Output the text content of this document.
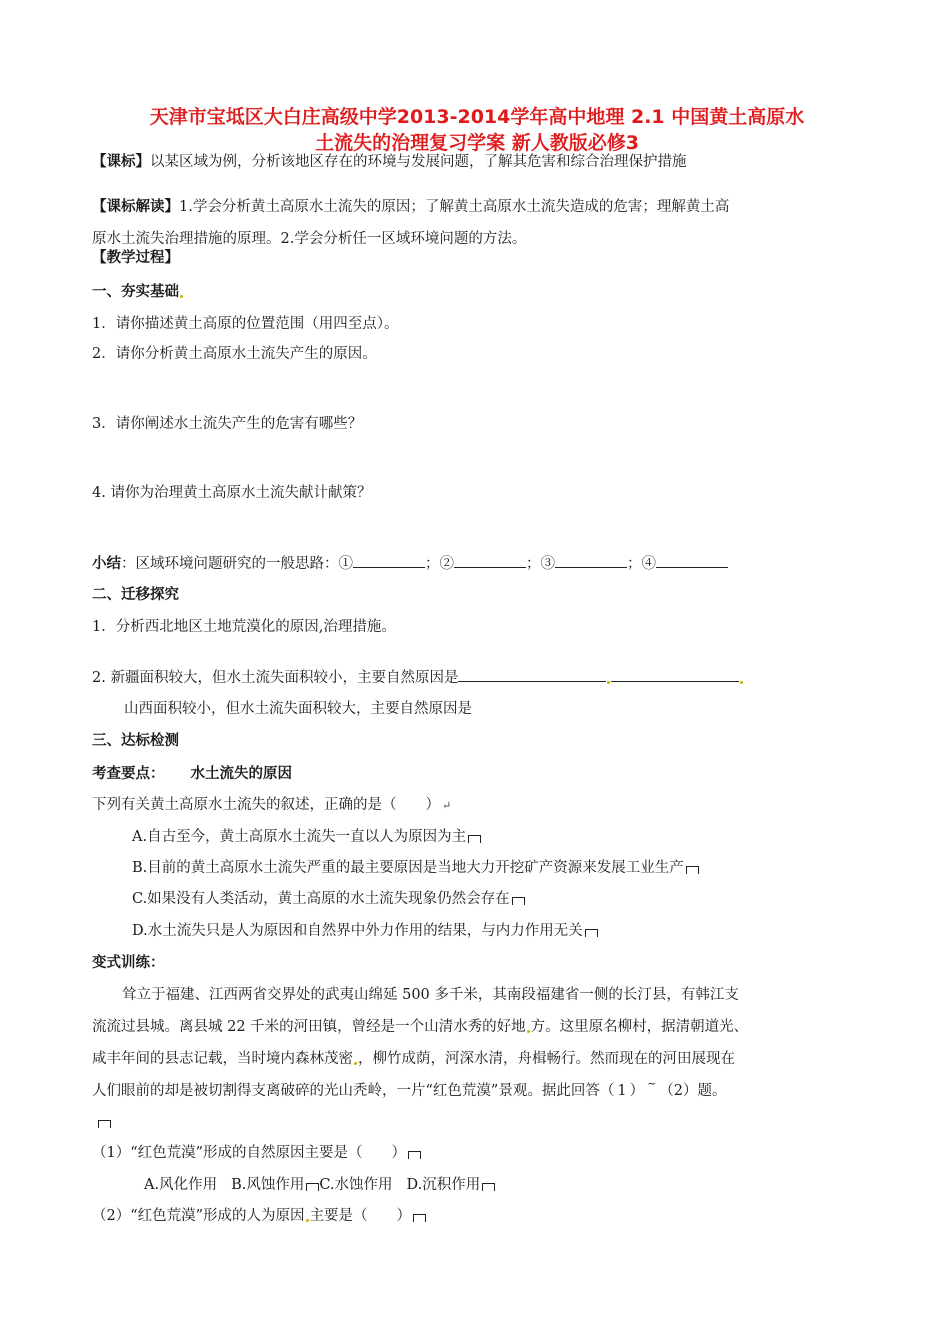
天津市宝坻区大白庄高级中学2013-2014学年高中地理 2.1 中国黄土高原水
土流失的治理复习学案 新人教版必修3
【课标】以某区域为例，分析该地区存在的环境与发展问题，了解其危害和综合治理保护措施
【课标解读】1.学会分析黄土高原水土流失的原因；了解黄土高原水土流失造成的危害；理解黄土高
原水土流失治理措施的原理。2.学会分析任一区域环境问题的方法。
【教学过程】
一、夯实基础
1．请你描述黄土高原的位置范围（用四至点）。
2．请你分析黄土高原水土流失产生的原因。
3．请你阐述水土流失产生的危害有哪些？
4. 请你为治理黄土高原水土流失献计献策？
小结：区域环境问题研究的一般思路：①	；②	；③	；④
二、迁移探究
1．分析西北地区土地荒漠化的原因,治理措施。
2. 新疆面积较大，但水土流失面积较小，主要自然原因是
山西面积较小，但水土流失面积较大，主要自然原因是
三、达标检测
考查要点： 水土流失的原因
下列有关黄土高原水土流失的叙述，正确的是（　　） ↵
A.自古至今，黄土高原水土流失一直以人为原因为主
B.目前的黄土高原水土流失严重的最主要原因是当地大力开挖矿产资源来发展工业生产
C.如果没有人类活动，黄土高原的水土流失现象仍然会存在
D.水土流失只是人为原因和自然界中外力作用的结果，与内力作用无关
变式训练：
耸立于福建、江西两省交界处的武夷山绵延 500 多千米，其南段福建省一侧的长汀县，有韩江支
流流过县城。离县城 22 千米的河田镇，曾经是一个山清水秀的好地 方。这里原名柳村，据清朝道光、
咸丰年间的县志记载，当时境内森林茂密 ，柳竹成荫，河深水清，舟楫畅行。然而现在的河田展现在
人们眼前的却是被切割得支离破碎的光山秃岭，一片“红色荒漠”景观。据此回答（ 1 ） ~ （2）题。
（1）“红色荒漠”形成的自然原因主要是（　　）
A.风化作用 B.风蚀作用 C.水蚀作用 D.沉积作用
（2）“红色荒漠”形成的人为原因 主要是（　　）
